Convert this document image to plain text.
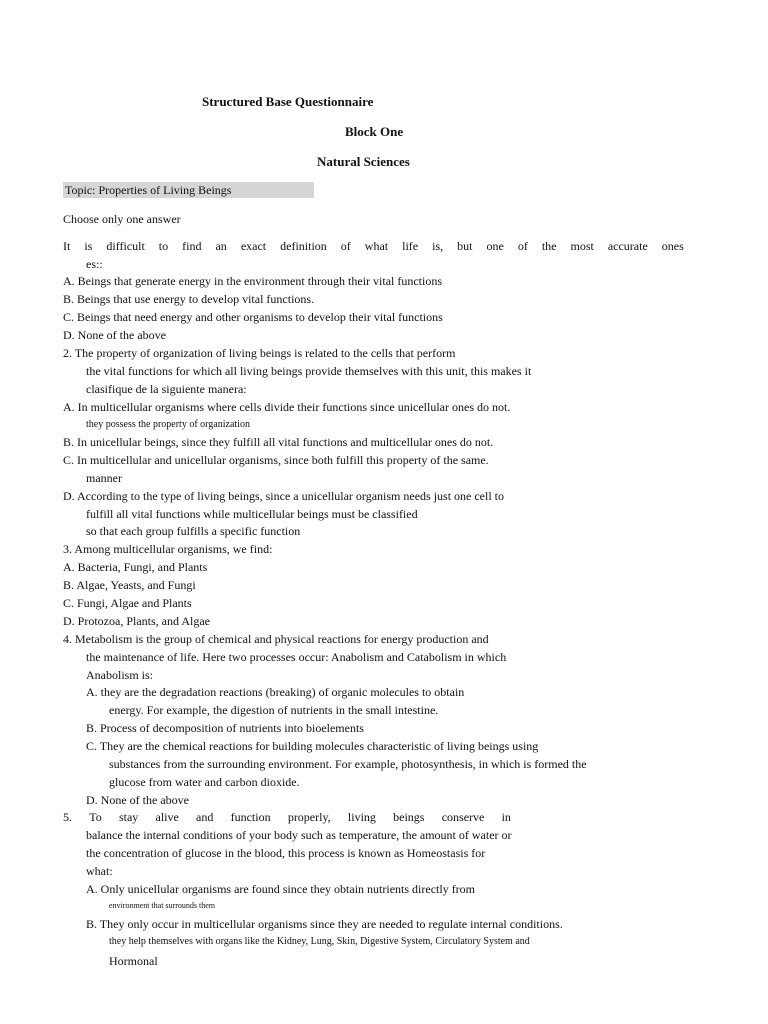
Structured Base Questionnaire
Block One
Natural Sciences
Topic: Properties of Living Beings
Choose only one answer
It is difficult to find an exact definition of what life is, but one of the most accurate ones
es::
A. Beings that generate energy in the environment through their vital functions
B. Beings that use energy to develop vital functions.
C. Beings that need energy and other organisms to develop their vital functions
D. None of the above
2. The property of organization of living beings is related to the cells that perform
the vital functions for which all living beings provide themselves with this unit, this makes it
clasifique de la siguiente manera:
A. In multicellular organisms where cells divide their functions since unicellular ones do not.
they possess the property of organization
B. In unicellular beings, since they fulfill all vital functions and multicellular ones do not.
C. In multicellular and unicellular organisms, since both fulfill this property of the same.
manner
D. According to the type of living beings, since a unicellular organism needs just one cell to
fulfill all vital functions while multicellular beings must be classified
so that each group fulfills a specific function
3. Among multicellular organisms, we find:
A. Bacteria, Fungi, and Plants
B. Algae, Yeasts, and Fungi
C. Fungi, Algae and Plants
D. Protozoa, Plants, and Algae
4. Metabolism is the group of chemical and physical reactions for energy production and
the maintenance of life. Here two processes occur: Anabolism and Catabolism in which
Anabolism is:
A. they are the degradation reactions (breaking) of organic molecules to obtain
energy. For example, the digestion of nutrients in the small intestine.
B. Process of decomposition of nutrients into bioelements
C. They are the chemical reactions for building molecules characteristic of living beings using
substances from the surrounding environment. For example, photosynthesis, in which is formed the
glucose from water and carbon dioxide.
D. None of the above
5. To stay alive and function properly, living beings conserve in
balance the internal conditions of your body such as temperature, the amount of water or
the concentration of glucose in the blood, this process is known as Homeostasis for
what:
A. Only unicellular organisms are found since they obtain nutrients directly from
environment that surrounds them
B. They only occur in multicellular organisms since they are needed to regulate internal conditions.
they help themselves with organs like the Kidney, Lung, Skin, Digestive System, Circulatory System and
Hormonal
